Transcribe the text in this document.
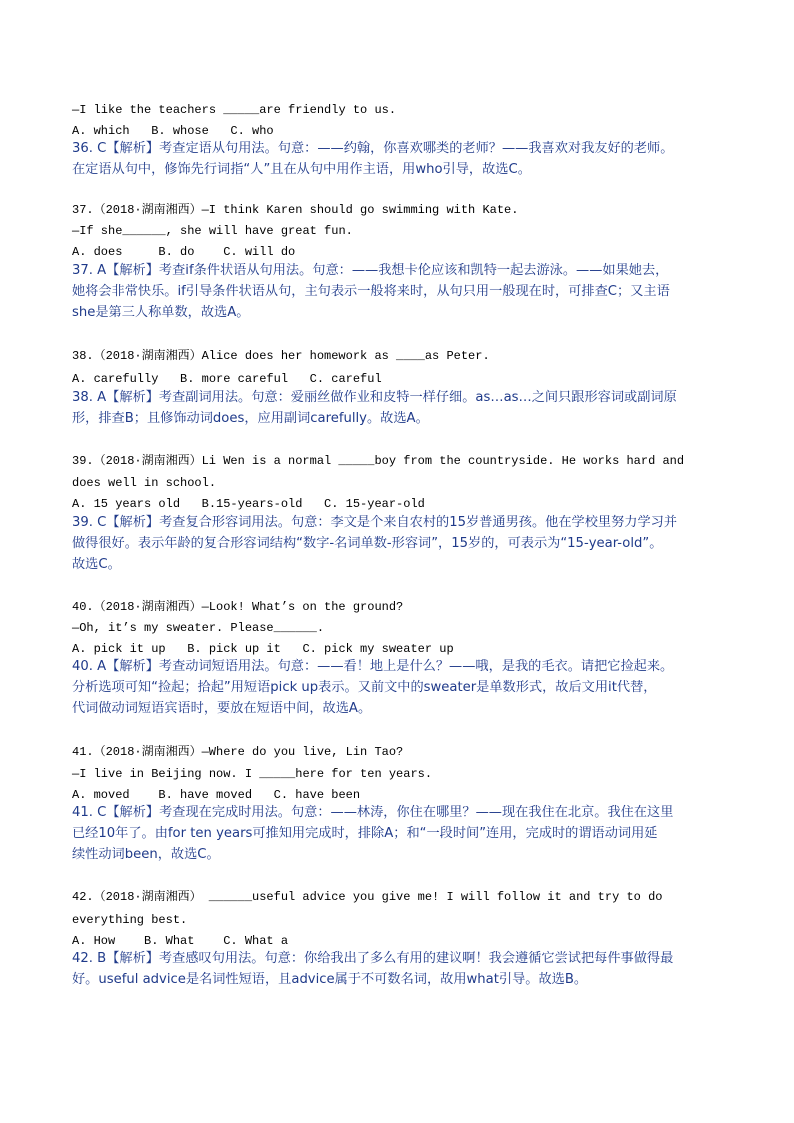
—I like the teachers _____are friendly to us.
A. which   B. whose   C. who
36. C【解析】考查定语从句用法。句意：——约翰，你喜欢哪类的老师？——我喜欢对我友好的老师。
在定语从句中，修饰先行词指“人”且在从句中用作主语，用who引导，故选C。
37.（2018·湖南湘西）—I think Karen should go swimming with Kate.
—If she______, she will have great fun.
A. does     B. do    C. will do
37. A【解析】考查if条件状语从句用法。句意：——我想卡伦应该和凯特一起去游泳。——如果她去，
她将会非常快乐。if引导条件状语从句，主句表示一般将来时，从句只用一般现在时，可排查C；又主语
she是第三人称单数，故选A。
38.（2018·湖南湘西）Alice does her homework as ____as Peter.
A. carefully   B. more careful   C. careful
38. A【解析】考查副词用法。句意：爱丽丝做作业和皮特一样仔细。as…as…之间只跟形容词或副词原
形，排查B；且修饰动词does，应用副词carefully。故选A。
39.（2018·湖南湘西）Li Wen is a normal _____boy from the countryside. He works hard and
does well in school.
A. 15 years old   B.15-years-old   C. 15-year-old
39. C【解析】考查复合形容词用法。句意：李文是个来自农村的15岁普通男孩。他在学校里努力学习并
做得很好。表示年龄的复合形容词结构“数字-名词单数-形容词”，15岁的，可表示为“15-year-old”。
故选C。
40.（2018·湖南湘西）—Look! What’s on the ground?
—Oh, it’s my sweater. Please______.
A. pick it up   B. pick up it   C. pick my sweater up
40. A【解析】考查动词短语用法。句意：——看！地上是什么？——哦，是我的毛衣。请把它捡起来。
分析选项可知“捡起；拾起”用短语pick up表示。又前文中的sweater是单数形式，故后文用it代替，
代词做动词短语宾语时，要放在短语中间，故选A。
41.（2018·湖南湘西）—Where do you live, Lin Tao?
—I live in Beijing now. I _____here for ten years.
A. moved    B. have moved   C. have been
41. C【解析】考查现在完成时用法。句意：——林涛，你住在哪里？——现在我住在北京。我住在这里
已经10年了。由for ten years可推知用完成时，排除A；和“一段时间”连用，完成时的谓语动词用延
续性动词been，故选C。
42.（2018·湖南湘西） ______useful advice you give me! I will follow it and try to do
everything best.
A. How    B. What    C. What a
42. B【解析】考查感叹句用法。句意：你给我出了多么有用的建议啊！我会遵循它尝试把每件事做得最
好。useful advice是名词性短语，且advice属于不可数名词，故用what引导。故选B。
